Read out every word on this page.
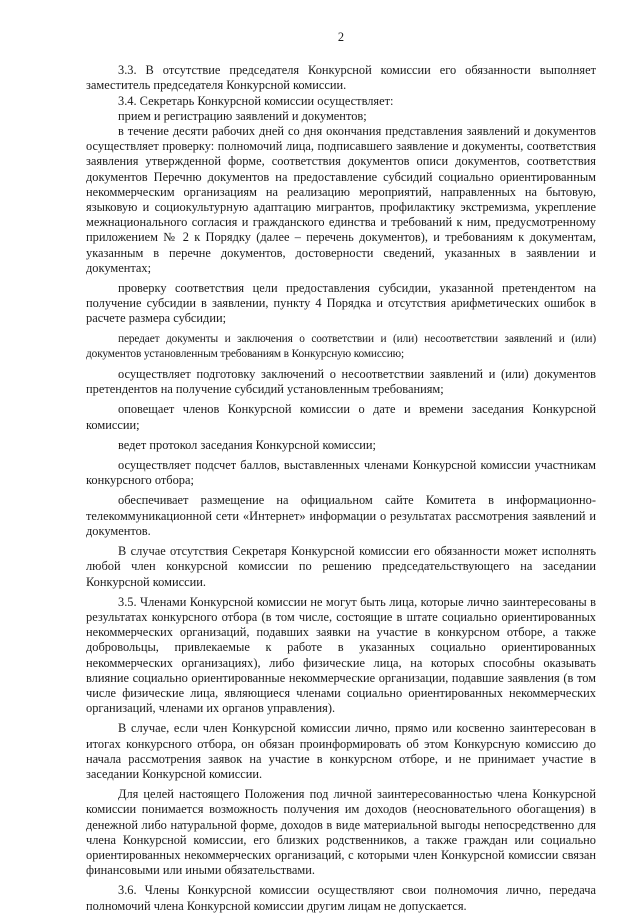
2

3.3. В отсутствие председателя Конкурсной комиссии его обязанности выполняет заместитель председателя Конкурсной комиссии.

3.4. Секретарь Конкурсной комиссии осуществляет:

прием и регистрацию заявлений и документов;

в течение десяти рабочих дней со дня окончания представления заявлений и документов осуществляет проверку: полномочий лица, подписавшего заявление и документы, соответствия заявления утвержденной форме, соответствия документов описи документов, соответствия документов Перечню документов на предоставление субсидий социально ориентированным некоммерческим организациям на реализацию мероприятий, направленных на бытовую, языковую и социокультурную адаптацию мигрантов, профилактику экстремизма, укрепление межнационального согласия и гражданского единства и требований к ним, предусмотренному приложением № 2 к Порядку (далее – перечень документов), и требованиям к документам, указанным в перечне документов, достоверности сведений, указанных в заявлении и документах;

проверку соответствия цели предоставления субсидии, указанной претендентом на получение субсидии в заявлении, пункту 4 Порядка и отсутствия арифметических ошибок в расчете размера субсидии;

передает документы и заключения о соответствии и (или) несоответствии заявлений и (или) документов установленным требованиям в Конкурсную комиссию;

осуществляет подготовку заключений о несоответствии заявлений и (или) документов претендентов на получение субсидий установленным требованиям;

оповещает членов Конкурсной комиссии о дате и времени заседания Конкурсной комиссии;

ведет протокол заседания Конкурсной комиссии;

осуществляет подсчет баллов, выставленных членами Конкурсной комиссии участникам конкурсного отбора;

обеспечивает размещение на официальном сайте Комитета в информационно-телекоммуникационной сети «Интернет» информации о результатах рассмотрения заявлений и документов.

В случае отсутствия Секретаря Конкурсной комиссии его обязанности может исполнять любой член конкурсной комиссии по решению председательствующего на заседании Конкурсной комиссии.

3.5. Членами Конкурсной комиссии не могут быть лица, которые лично заинтересованы в результатах конкурсного отбора (в том числе, состоящие в штате социально ориентированных некоммерческих организаций, подавших заявки на участие в конкурсном отборе, а также добровольцы, привлекаемые к работе в указанных социально ориентированных некоммерческих организациях), либо физические лица, на которых способны оказывать влияние социально ориентированные некоммерческие организации, подавшие заявления (в том числе физические лица, являющиеся членами социально ориентированных некоммерческих организаций, членами их органов управления).

В случае, если член Конкурсной комиссии лично, прямо или косвенно заинтересован в итогах конкурсного отбора, он обязан проинформировать об этом Конкурсную комиссию до начала рассмотрения заявок на участие в конкурсном отборе, и не принимает участие в заседании Конкурсной комиссии.

Для целей настоящего Положения под личной заинтересованностью члена Конкурсной комиссии понимается возможность получения им доходов (неосновательного обогащения) в денежной либо натуральной форме, доходов в виде материальной выгоды непосредственно для члена Конкурсной комиссии, его близких родственников, а также граждан или социально ориентированных некоммерческих организаций, с которыми член Конкурсной комиссии связан финансовыми или иными обязательствами.

3.6. Члены Конкурсной комиссии осуществляют свои полномочия лично, передача полномочий члена Конкурсной комиссии другим лицам не допускается.
